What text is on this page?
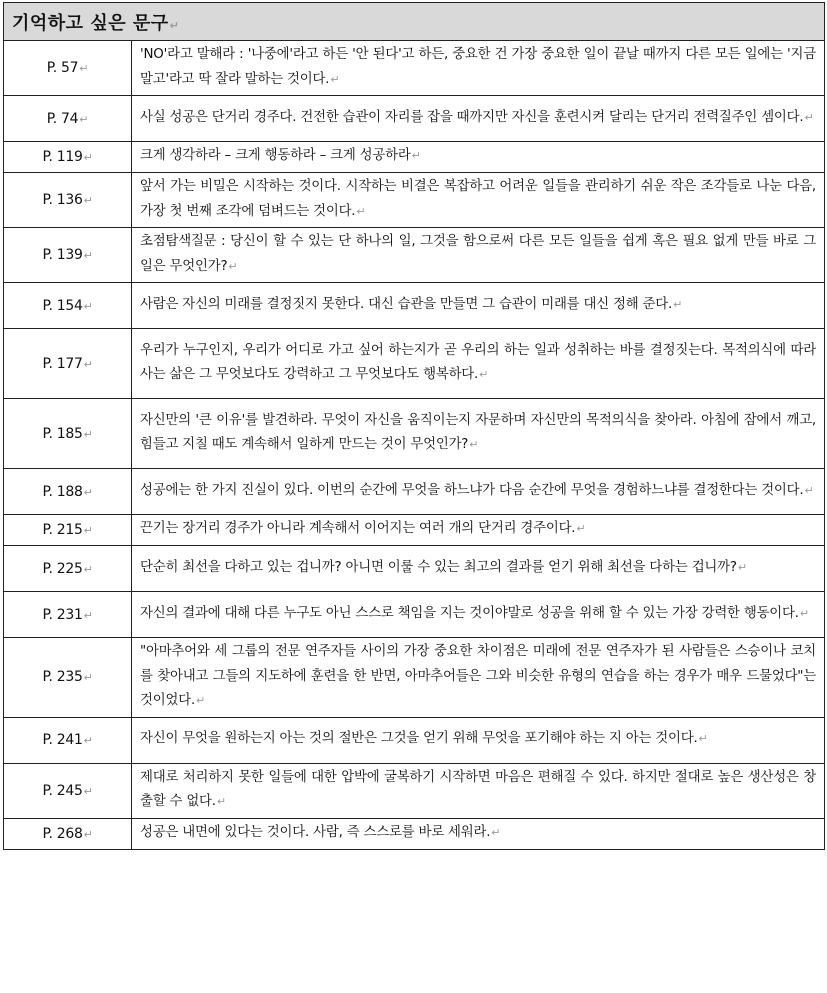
기억하고 싶은 문구↵	
P. 57↵	'NO'라고 말해라 : '나중에'라고 하든 '안 된다'고 하든, 중요한 건 가장 중요한 일이 끝날 때까지 다른 모든 일에는 '지금 말고'라고 딱 잘라 말하는 것이다.↵
P. 74↵	사실 성공은 단거리 경주다. 건전한 습관이 자리를 잡을 때까지만 자신을 훈련시켜 달리는 단거리 전력질주인 셈이다.↵
P. 119↵	크게 생각하라 – 크게 행동하라 – 크게 성공하라↵
P. 136↵	앞서 가는 비밀은 시작하는 것이다. 시작하는 비결은 복잡하고 어려운 일들을 관리하기 쉬운 작은 조각들로 나눈 다음, 가장 첫 번째 조각에 덤벼드는 것이다.↵
P. 139↵	초점탐색질문 : 당신이 할 수 있는 단 하나의 일, 그것을 함으로써 다른 모든 일들을 쉽게 혹은 필요 없게 만들 바로 그 일은 무엇인가?↵
P. 154↵	사람은 자신의 미래를 결정짓지 못한다. 대신 습관을 만들면 그 습관이 미래를 대신 정해 준다.↵
P. 177↵	우리가 누구인지, 우리가 어디로 가고 싶어 하는지가 곧 우리의 하는 일과 성취하는 바를 결정짓는다. 목적의식에 따라 사는 삶은 그 무엇보다도 강력하고 그 무엇보다도 행복하다.↵
P. 185↵	자신만의 '큰 이유'를 발견하라. 무엇이 자신을 움직이는지 자문하며 자신만의 목적의식을 찾아라. 아침에 잠에서 깨고, 힘들고 지칠 때도 계속해서 일하게 만드는 것이 무엇인가?↵
P. 188↵	성공에는 한 가지 진실이 있다. 이번의 순간에 무엇을 하느냐가 다음 순간에 무엇을 경험하느냐를 결정한다는 것이다.↵
P. 215↵	끈기는 장거리 경주가 아니라 계속해서 이어지는 여러 개의 단거리 경주이다.↵
P. 225↵	단순히 최선을 다하고 있는 겁니까? 아니면 이룰 수 있는 최고의 결과를 얻기 위해 최선을 다하는 겁니까?↵
P. 231↵	자신의 결과에 대해 다른 누구도 아닌 스스로 책임을 지는 것이야말로 성공을 위해 할 수 있는 가장 강력한 행동이다.↵
P. 235↵	"아마추어와 세 그룹의 전문 연주자들 사이의 가장 중요한 차이점은 미래에 전문 연주자가 된 사람들은 스승이나 코치를 찾아내고 그들의 지도하에 훈련을 한 반면, 아마추어들은 그와 비슷한 유형의 연습을 하는 경우가 매우 드물었다"는 것이었다.↵
P. 241↵	자신이 무엇을 원하는지 아는 것의 절반은 그것을 얻기 위해 무엇을 포기해야 하는 지 아는 것이다.↵
P. 245↵	제대로 처리하지 못한 일들에 대한 압박에 굴복하기 시작하면 마음은 편해질 수 있다. 하지만 절대로 높은 생산성은 창출할 수 없다.↵
P. 268↵	성공은 내면에 있다는 것이다. 사람, 즉 스스로를 바로 세워라.↵
